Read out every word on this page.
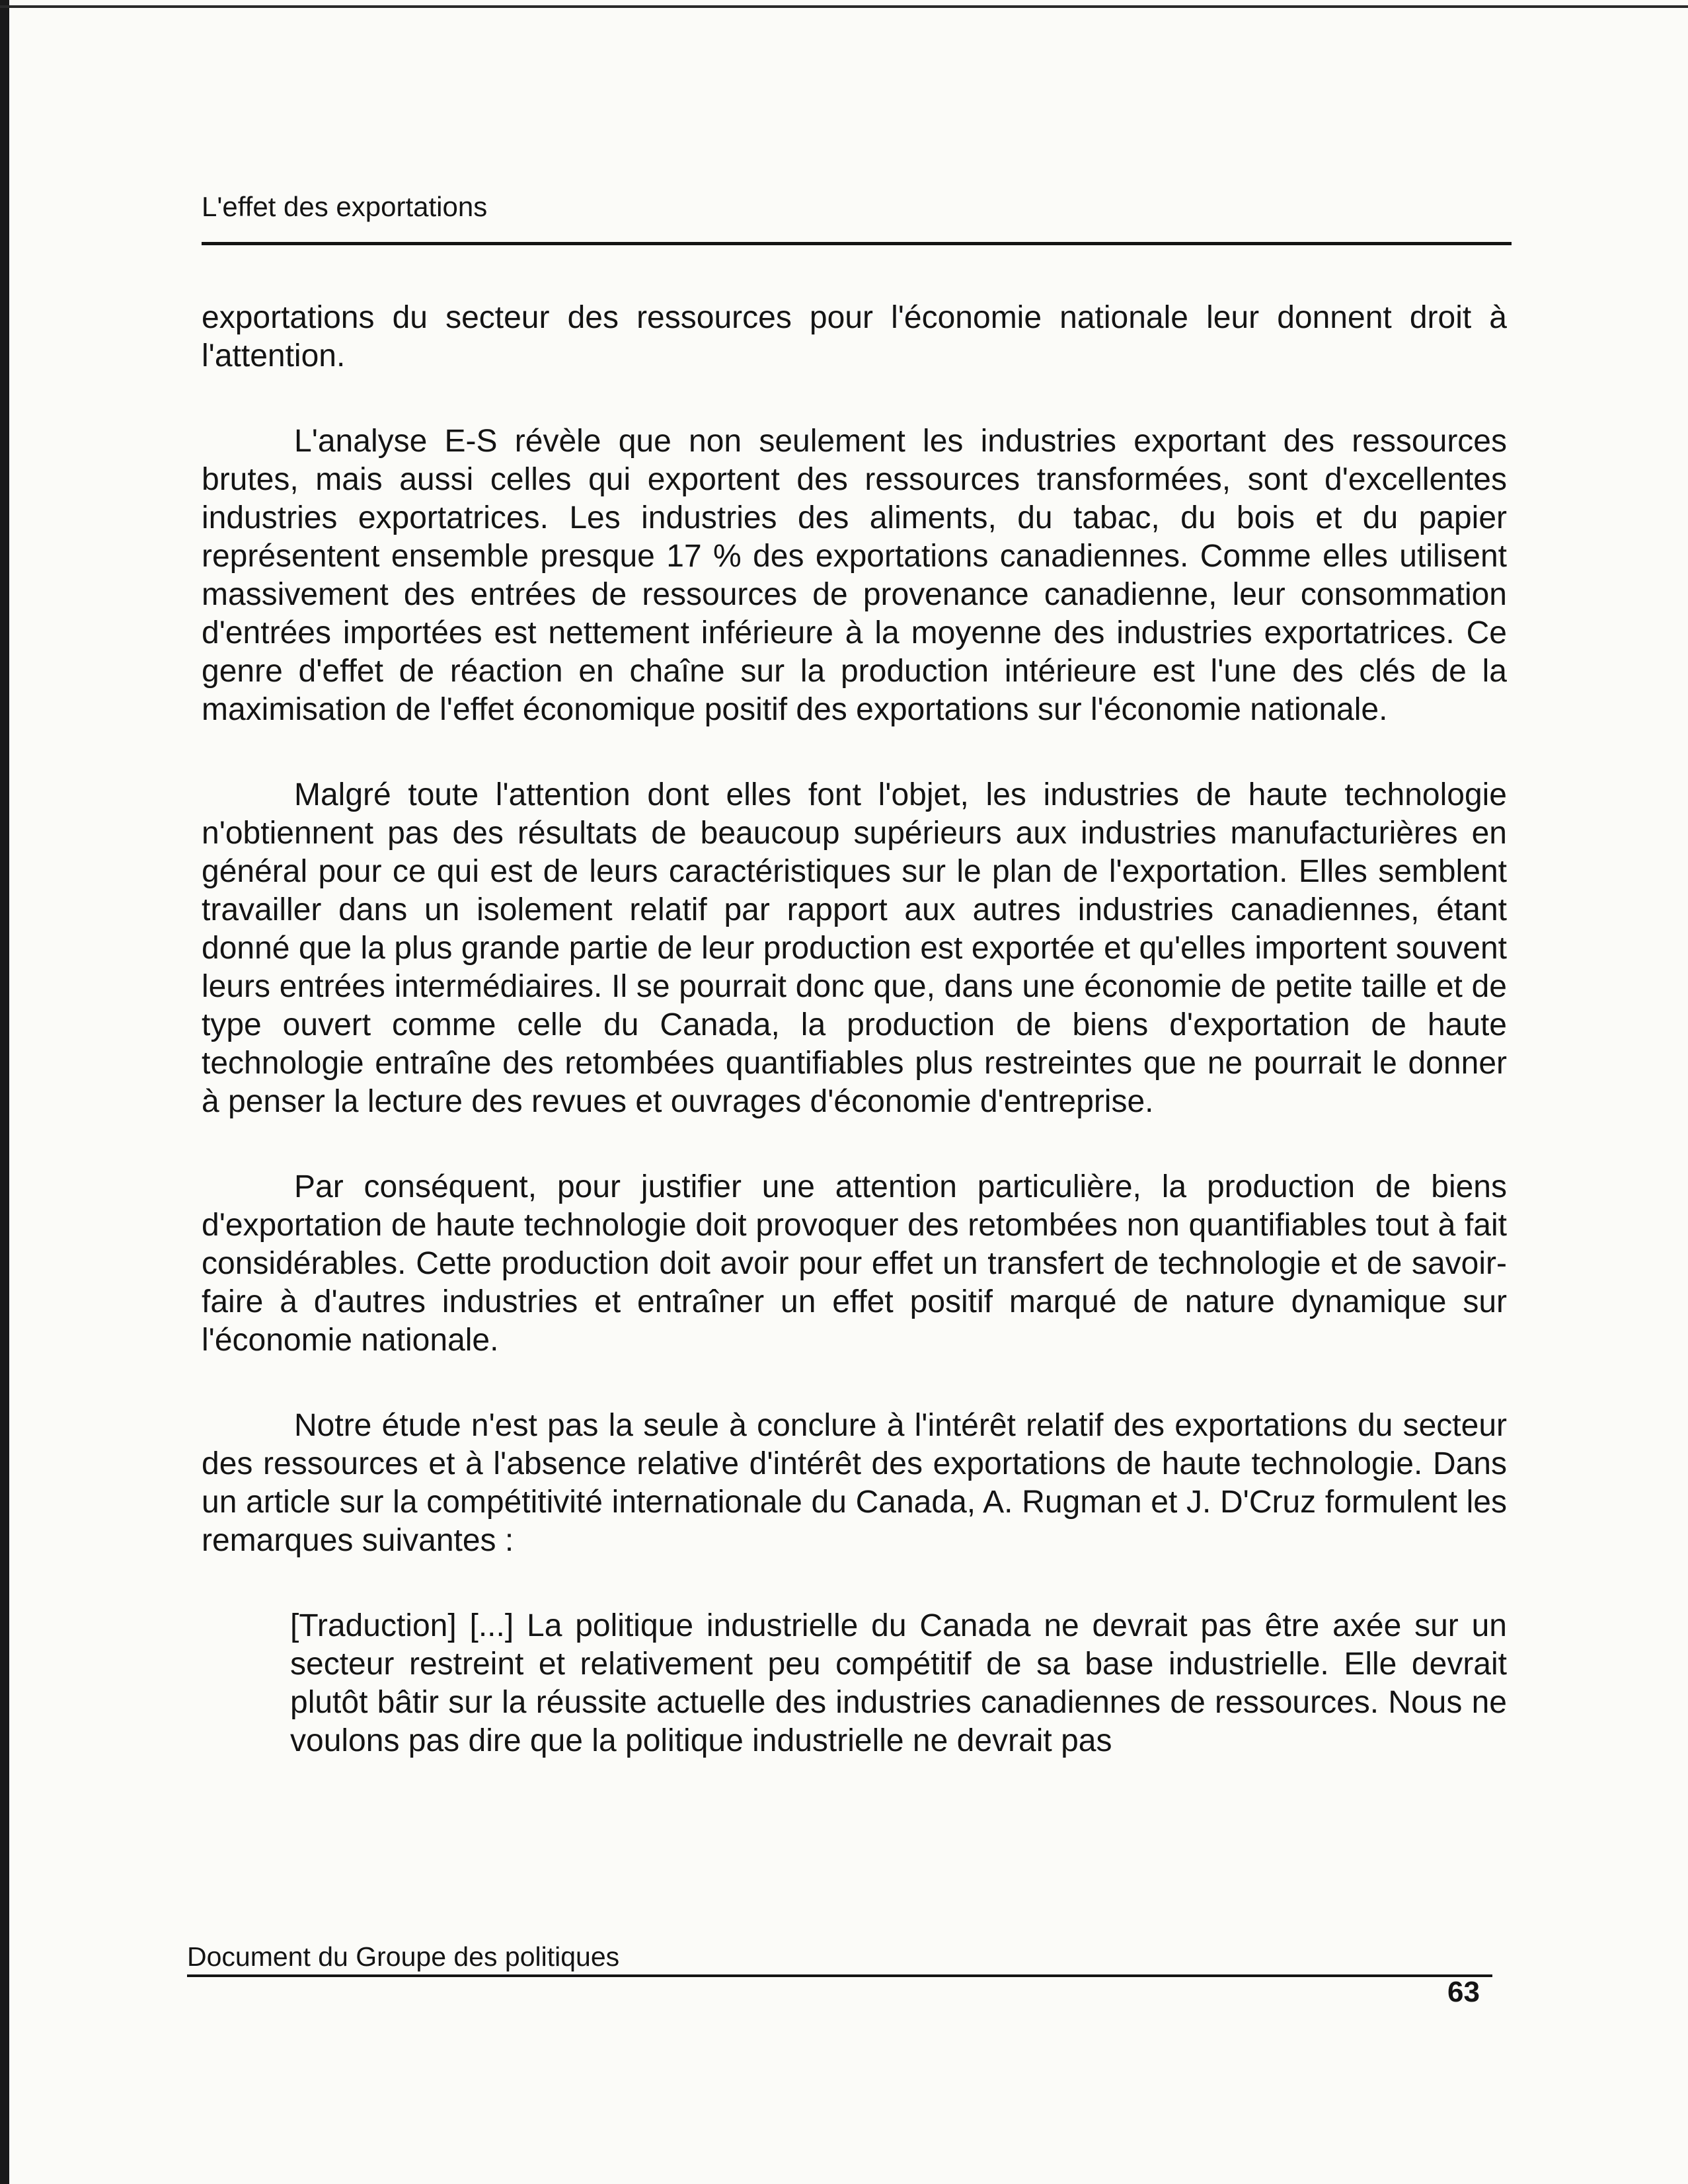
L'effet des exportations

exportations du secteur des ressources pour l'économie nationale leur donnent droit à l'attention.

L'analyse E-S révèle que non seulement les industries exportant des ressources brutes, mais aussi celles qui exportent des ressources transformées, sont d'excellentes industries exportatrices. Les industries des aliments, du tabac, du bois et du papier représentent ensemble presque 17 % des exportations canadiennes. Comme elles utilisent massivement des entrées de ressources de provenance canadienne, leur consommation d'entrées importées est nettement inférieure à la moyenne des industries exportatrices. Ce genre d'effet de réaction en chaîne sur la production intérieure est l'une des clés de la maximisation de l'effet économique positif des exportations sur l'économie nationale.

Malgré toute l'attention dont elles font l'objet, les industries de haute technologie n'obtiennent pas des résultats de beaucoup supérieurs aux industries manufacturières en général pour ce qui est de leurs caractéristiques sur le plan de l'exportation. Elles semblent travailler dans un isolement relatif par rapport aux autres industries canadiennes, étant donné que la plus grande partie de leur production est exportée et qu'elles importent souvent leurs entrées intermédiaires. Il se pourrait donc que, dans une économie de petite taille et de type ouvert comme celle du Canada, la production de biens d'exportation de haute technologie entraîne des retombées quantifiables plus restreintes que ne pourrait le donner à penser la lecture des revues et ouvrages d'économie d'entreprise.

Par conséquent, pour justifier une attention particulière, la production de biens d'exportation de haute technologie doit provoquer des retombées non quantifiables tout à fait considérables. Cette production doit avoir pour effet un transfert de technologie et de savoir-faire à d'autres industries et entraîner un effet positif marqué de nature dynamique sur l'économie nationale.

Notre étude n'est pas la seule à conclure à l'intérêt relatif des exportations du secteur des ressources et à l'absence relative d'intérêt des exportations de haute technologie. Dans un article sur la compétitivité internationale du Canada, A. Rugman et J. D'Cruz formulent les remarques suivantes :

[Traduction] [...] La politique industrielle du Canada ne devrait pas être axée sur un secteur restreint et relativement peu compétitif de sa base industrielle. Elle devrait plutôt bâtir sur la réussite actuelle des industries canadiennes de ressources. Nous ne voulons pas dire que la politique industrielle ne devrait pas

Document du Groupe des politiques
63
